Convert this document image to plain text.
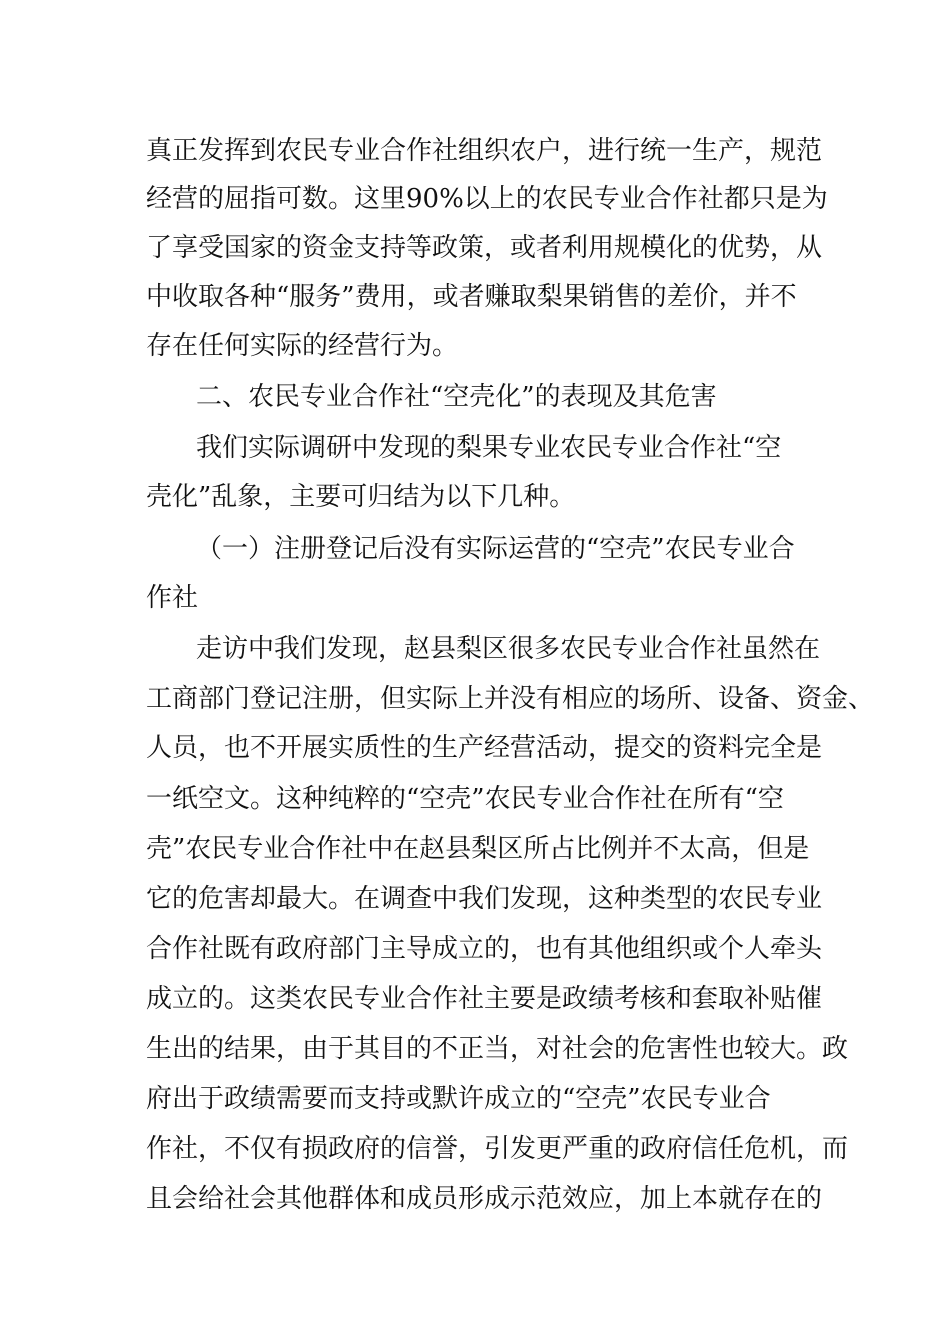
真正发挥到农民专业合作社组织农户，进行统一生产，规范
经营的屈指可数。这里90%以上的农民专业合作社都只是为
了享受国家的资金支持等政策，或者利用规模化的优势，从
中收取各种“服务”费用，或者赚取梨果销售的差价，并不
存在任何实际的经营行为。
二、农民专业合作社“空壳化”的表现及其危害
我们实际调研中发现的梨果专业农民专业合作社“空
壳化”乱象，主要可归结为以下几种。
（一）注册登记后没有实际运营的“空壳”农民专业合
作社
走访中我们发现，赵县梨区很多农民专业合作社虽然在
工商部门登记注册，但实际上并没有相应的场所、设备、资金、
人员，也不开展实质性的生产经营活动，提交的资料完全是
一纸空文。这种纯粹的“空壳”农民专业合作社在所有“空
壳”农民专业合作社中在赵县梨区所占比例并不太高，但是
它的危害却最大。在调查中我们发现，这种类型的农民专业
合作社既有政府部门主导成立的，也有其他组织或个人牵头
成立的。这类农民专业合作社主要是政绩考核和套取补贴催
生出的结果，由于其目的不正当，对社会的危害性也较大。政
府出于政绩需要而支持或默许成立的“空壳”农民专业合
作社，不仅有损政府的信誉，引发更严重的政府信任危机，而
且会给社会其他群体和成员形成示范效应，加上本就存在的
